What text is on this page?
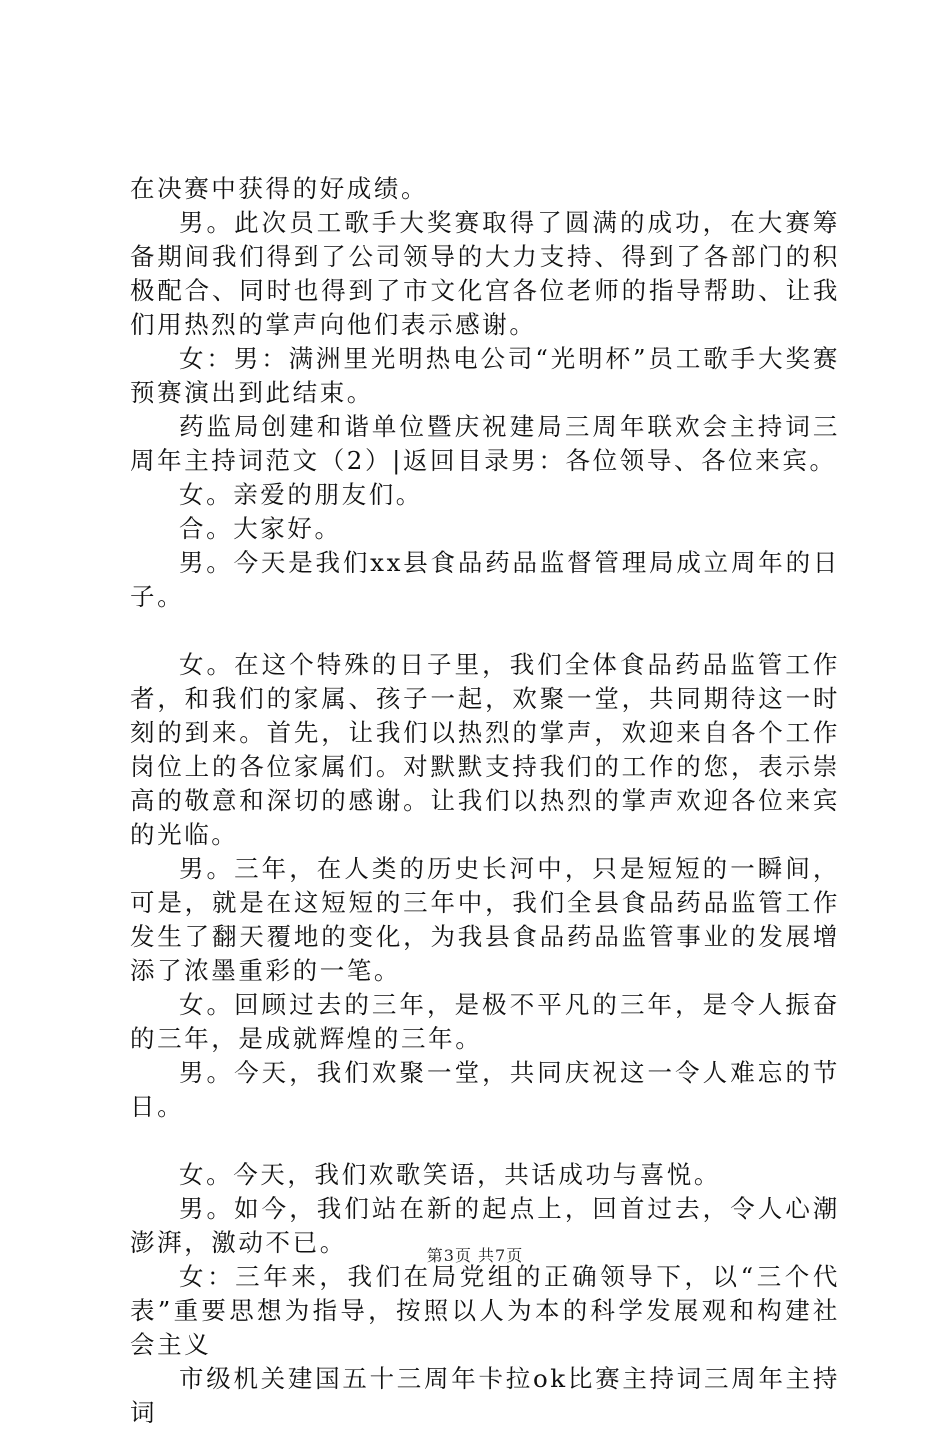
在决赛中获得的好成绩。

男。此次员工歌手大奖赛取得了圆满的成功，在大赛筹备期间我们得到了公司领导的大力支持、得到了各部门的积极配合、同时也得到了市文化宫各位老师的指导帮助、让我们用热烈的掌声向他们表示感谢。

女：男：满洲里光明热电公司“光明杯”员工歌手大奖赛预赛演出到此结束。

药监局创建和谐单位暨庆祝建局三周年联欢会主持词三周年主持词范文（2）|返回目录男：各位领导、各位来宾。

女。亲爱的朋友们。

合。大家好。

男。今天是我们xx县食品药品监督管理局成立周年的日子。

女。在这个特殊的日子里，我们全体食品药品监管工作者，和我们的家属、孩子一起，欢聚一堂，共同期待这一时刻的到来。首先，让我们以热烈的掌声，欢迎来自各个工作岗位上的各位家属们。对默默支持我们的工作的您，表示崇高的敬意和深切的感谢。让我们以热烈的掌声欢迎各位来宾的光临。

男。三年，在人类的历史长河中，只是短短的一瞬间，可是，就是在这短短的三年中，我们全县食品药品监管工作发生了翻天覆地的变化，为我县食品药品监管事业的发展增添了浓墨重彩的一笔。

女。回顾过去的三年，是极不平凡的三年，是令人振奋的三年，是成就辉煌的三年。

男。今天，我们欢聚一堂，共同庆祝这一令人难忘的节日。

女。今天，我们欢歌笑语，共话成功与喜悦。

男。如今，我们站在新的起点上，回首过去，令人心潮澎湃，激动不已。

女：三年来，我们在局党组的正确领导下，以“三个代表”重要思想为指导，按照以人为本的科学发展观和构建社会主义

市级机关建国五十三周年卡拉ok比赛主持词三周年主持词

第3页 共7页
